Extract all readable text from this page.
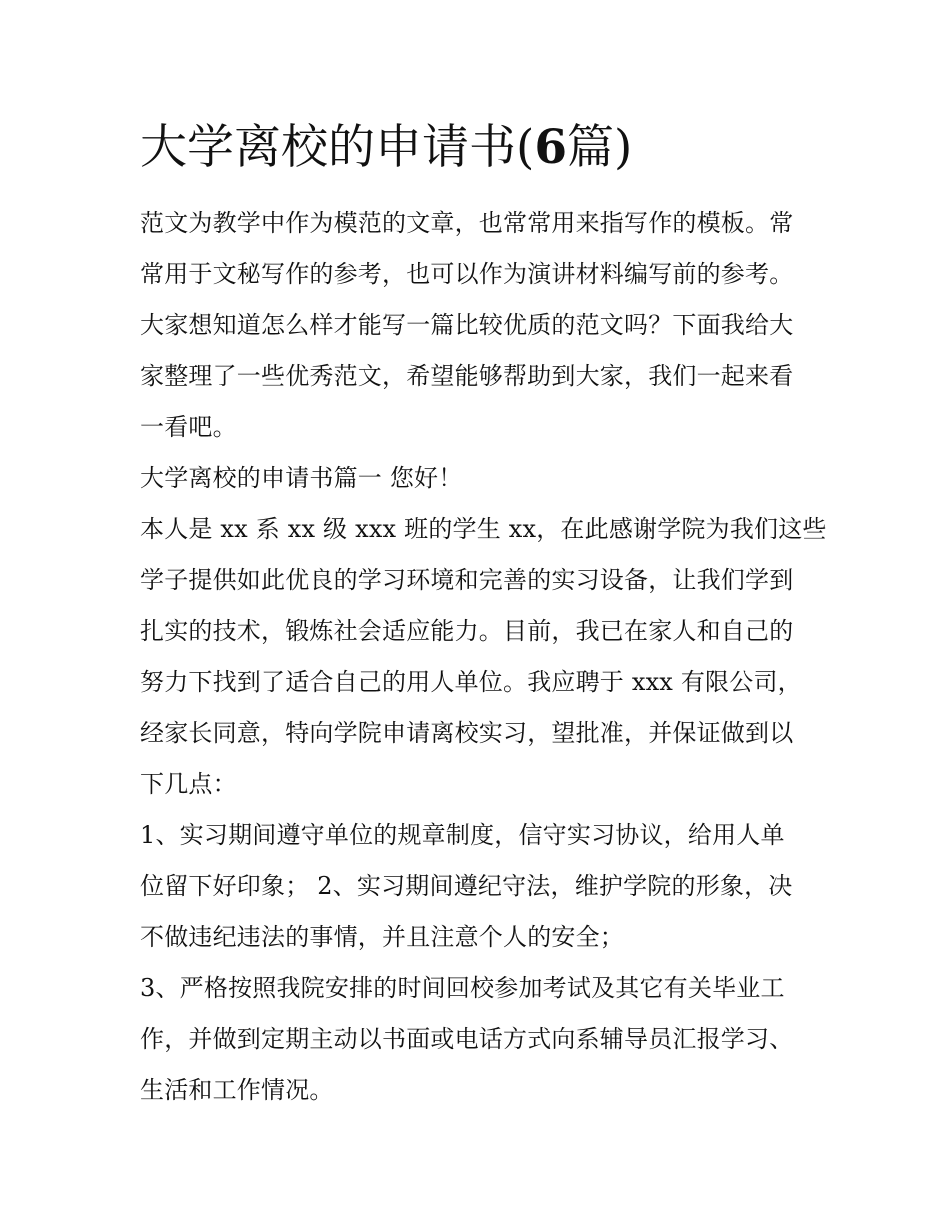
大学离校的申请书(6篇)
范文为教学中作为模范的文章，也常常用来指写作的模板。常
常用于文秘写作的参考，也可以作为演讲材料编写前的参考。
大家想知道怎么样才能写一篇比较优质的范文吗？下面我给大
家整理了一些优秀范文，希望能够帮助到大家，我们一起来看
一看吧。
大学离校的申请书篇一 您好！
本人是 xx 系 xx 级 xxx 班的学生 xx，在此感谢学院为我们这些
学子提供如此优良的学习环境和完善的实习设备，让我们学到
扎实的技术，锻炼社会适应能力。目前，我已在家人和自己的
努力下找到了适合自己的用人单位。我应聘于 xxx 有限公司，
经家长同意，特向学院申请离校实习，望批准，并保证做到以
下几点：
1、实习期间遵守单位的规章制度，信守实习协议，给用人单
位留下好印象； 2、实习期间遵纪守法，维护学院的形象，决
不做违纪违法的事情，并且注意个人的安全；
3、严格按照我院安排的时间回校参加考试及其它有关毕业工
作，并做到定期主动以书面或电话方式向系辅导员汇报学习、
生活和工作情况。
